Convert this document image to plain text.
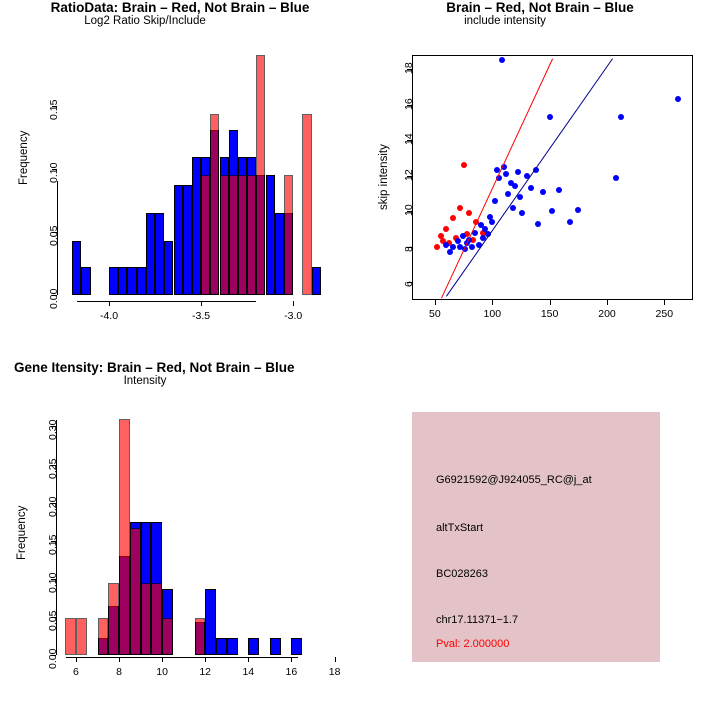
RatioData: Brain – Red, Not Brain – Blue
Frequency
Log2 Ratio Skip/Include
0.00
0.05
0.10
0.15
-4.0	-3.5	-3.0
Brain – Red, Not Brain – Blue
skip intensity
include intensity
6
8
10
12
14
16
18
50	100	150	200	250
Gene Itensity: Brain – Red, Not Brain – Blue
Frequency
Intensity
0.00
0.05
0.10
0.15
0.20
0.25
0.30
6	8	10	12	14	16	18
G6921592@J924055_RC@j_at
altTxStart
BC028263
chr17.11371−1.7
Pval: 2.000000
